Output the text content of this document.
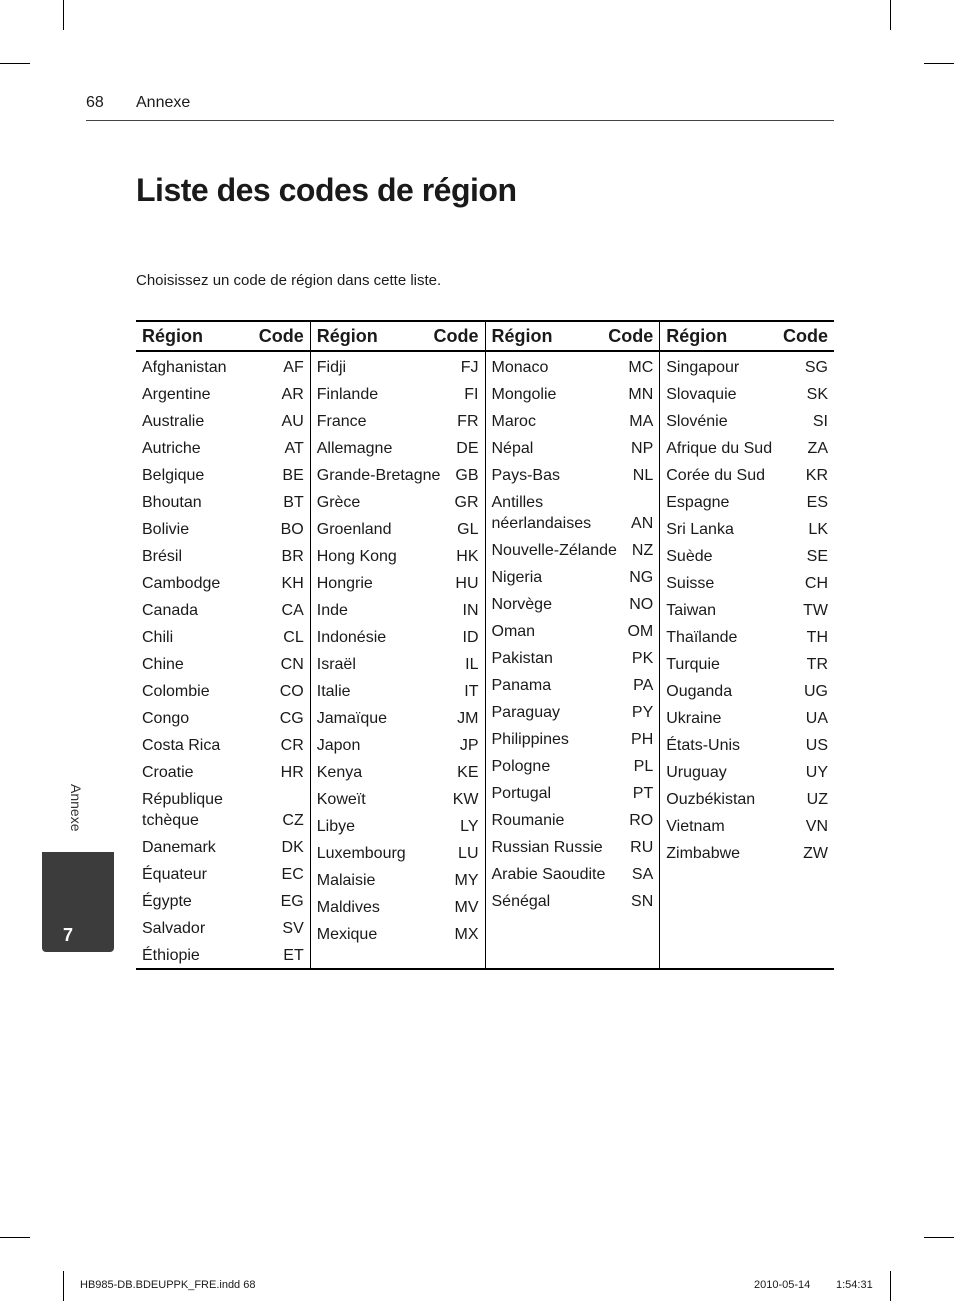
68 Annexe
Liste des codes de région

Choisissez un code de région dans cette liste.

Région	Code
Afghanistan	AF
Argentine	AR
Australie	AU
Autriche	AT
Belgique	BE
Bhoutan	BT
Bolivie	BO
Brésil	BR
Cambodge	KH
Canada	CA
Chili	CL
Chine	CN
Colombie	CO
Congo	CG
Costa Rica	CR
Croatie	HR
République tchèque	CZ
Danemark	DK
Équateur	EC
Égypte	EG
Salvador	SV
Éthiopie	ET
Région	Code
Fidji	FJ
Finlande	FI
France	FR
Allemagne	DE
Grande-Bretagne GB
Grèce	GR
Groenland	GL
Hong Kong	HK
Hongrie	HU
Inde	IN
Indonésie	ID
Israël	IL
Italie	IT
Jamaïque	JM
Japon	JP
Kenya	KE
Koweït	KW
Libye	LY
Luxembourg	LU
Malaisie	MY
Maldives	MV
Mexique	MX
Région	Code
Monaco	MC
Mongolie	MN
Maroc	MA
Népal	NP
Pays-Bas	NL
Antilles néerlandaises	AN
Nouvelle-Zélande NZ
Nigeria	NG
Norvège	NO
Oman	OM
Pakistan	PK
Panama	PA
Paraguay	PY
Philippines	PH
Pologne	PL
Portugal	PT
Roumanie	RO
Russian Russie RU
Arabie Saoudite SA
Sénégal	SN
Région	Code
Singapour	SG
Slovaquie	SK
Slovénie	SI
Afrique du Sud ZA
Corée du Sud	KR
Espagne	ES
Sri Lanka	LK
Suède	SE
Suisse	CH
Taiwan	TW
Thaïlande	TH
Turquie	TR
Ouganda	UG
Ukraine	UA
États-Unis	US
Uruguay	UY
Ouzbékistan	UZ
Vietnam	VN
Zimbabwe	ZW
Annexe
7
HB985-DB.BDEUPPK_FRE.indd 68	2010-05-14 1:54:31
